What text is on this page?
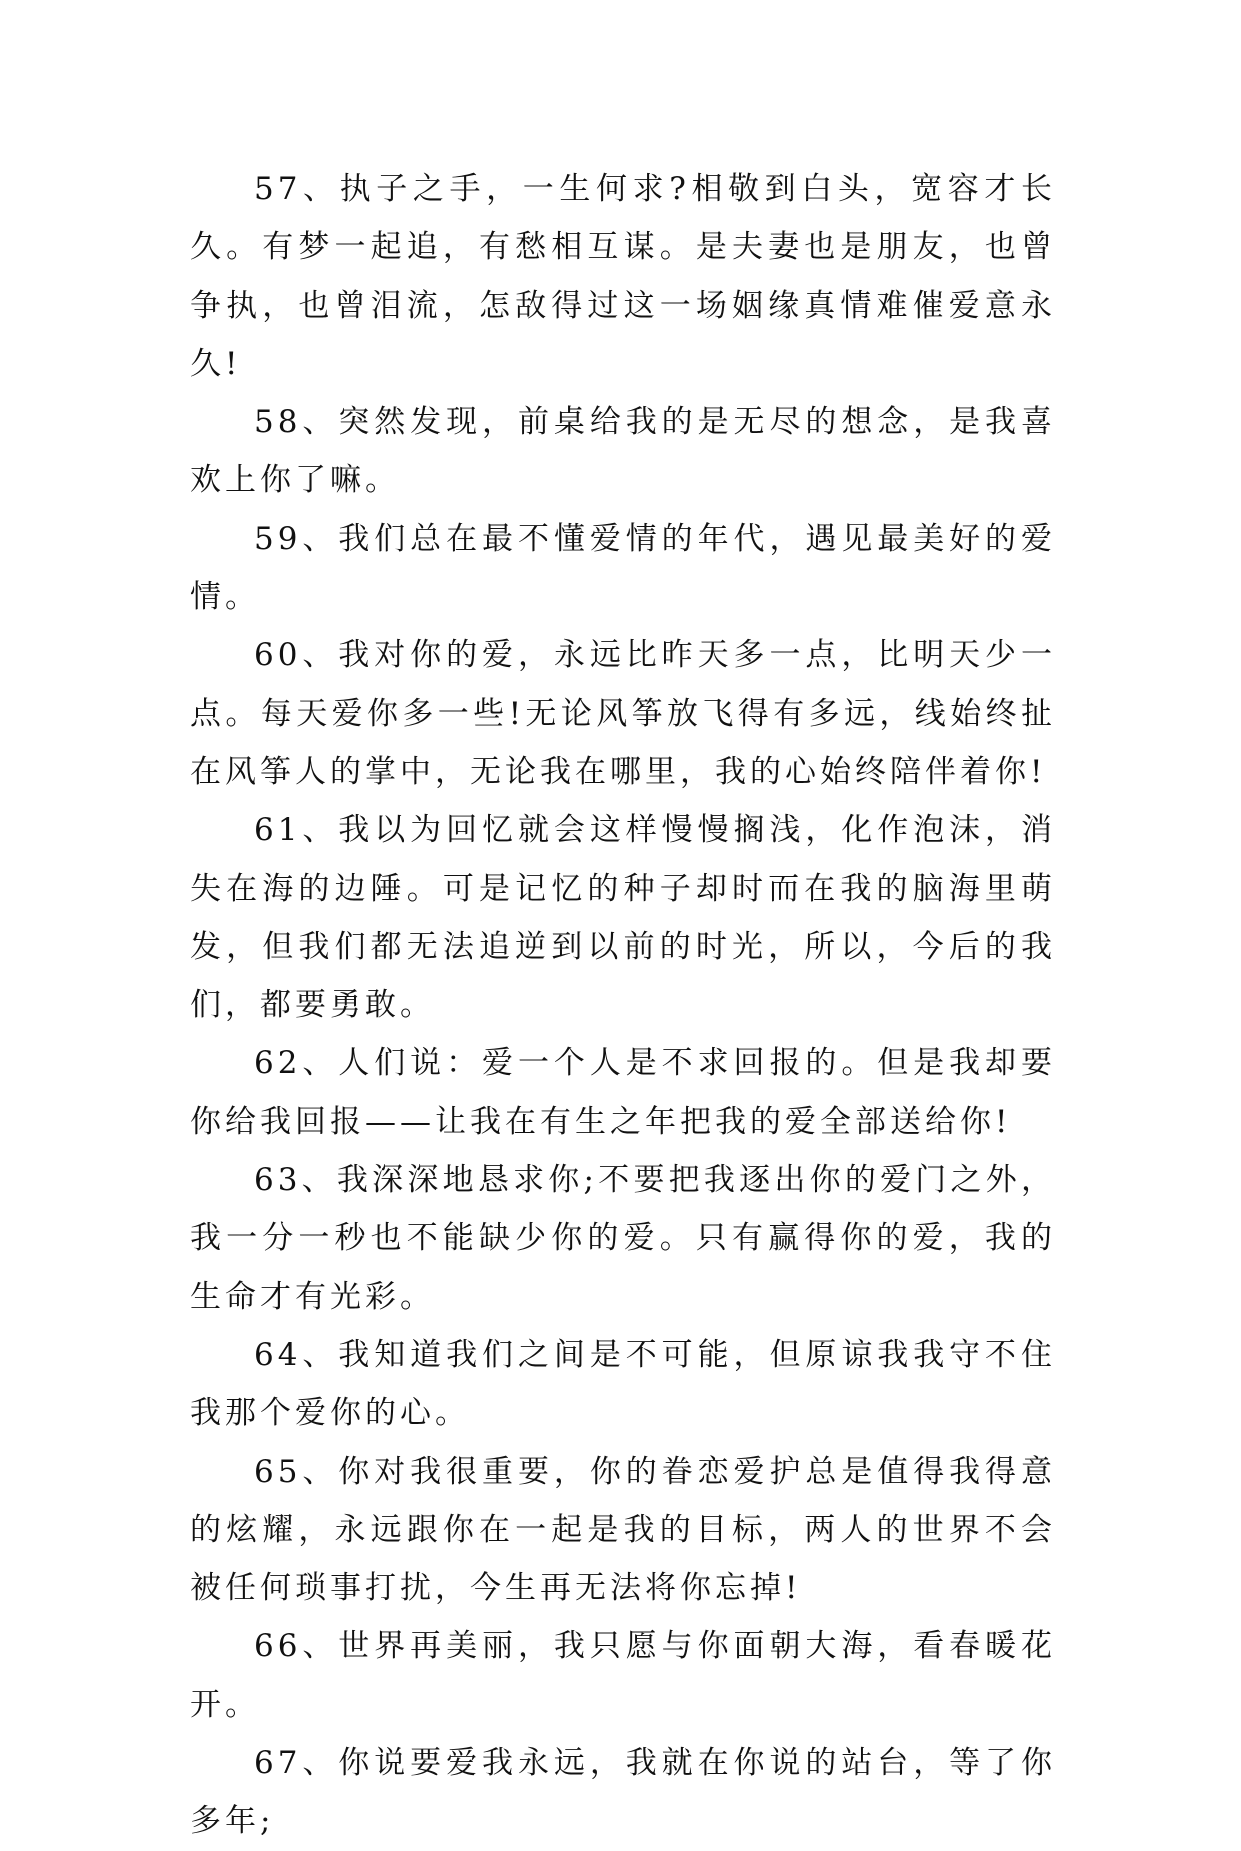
57、执子之手，一生何求?相敬到白头，宽容才长久。有梦一起追，有愁相互谋。是夫妻也是朋友，也曾争执，也曾泪流，怎敌得过这一场姻缘真情难催爱意永久!

58、突然发现，前桌给我的是无尽的想念，是我喜欢上你了嘛。

59、我们总在最不懂爱情的年代，遇见最美好的爱情。

60、我对你的爱，永远比昨天多一点，比明天少一点。每天爱你多一些!无论风筝放飞得有多远，线始终扯在风筝人的掌中，无论我在哪里，我的心始终陪伴着你!

61、我以为回忆就会这样慢慢搁浅，化作泡沫，消失在海的边陲。可是记忆的种子却时而在我的脑海里萌发，但我们都无法追逆到以前的时光，所以，今后的我们，都要勇敢。

62、人们说：爱一个人是不求回报的。但是我却要你给我回报——让我在有生之年把我的爱全部送给你!

63、我深深地恳求你;不要把我逐出你的爱门之外，我一分一秒也不能缺少你的爱。只有赢得你的爱，我的生命才有光彩。

64、我知道我们之间是不可能，但原谅我我守不住我那个爱你的心。

65、你对我很重要，你的眷恋爱护总是值得我得意的炫耀，永远跟你在一起是我的目标，两人的世界不会被任何琐事打扰，今生再无法将你忘掉!

66、世界再美丽，我只愿与你面朝大海，看春暖花开。

67、你说要爱我永远，我就在你说的站台，等了你多年;
